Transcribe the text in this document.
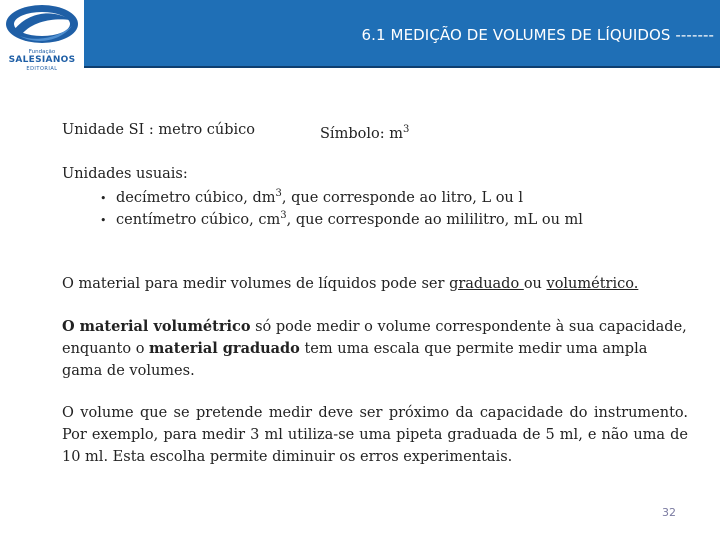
6.1 MEDIÇÃO DE VOLUMES DE LÍQUIDOS -------
Fundação
SALESIANOS
EDITORIAL
Unidade SI : metro cúbico	Símbolo: $m^3$
Unidades usuais:
• decímetro cúbico, $dm^3$, que corresponde ao litro, L ou l
• centímetro cúbico, $cm^3$, que corresponde ao mililitro, mL ou ml
O material para medir volumes de líquidos pode ser graduado ou volumétrico.
O material volumétrico só pode medir o volume correspondente à sua capacidade, enquanto o material graduado tem uma escala que permite medir uma ampla gama de volumes.
O volume que se pretende medir deve ser próximo da capacidade do instrumento. Por exemplo, para medir 3 ml utiliza-se uma pipeta graduada de 5 ml, e não uma de 10 ml. Esta escolha permite diminuir os erros experimentais.
32
